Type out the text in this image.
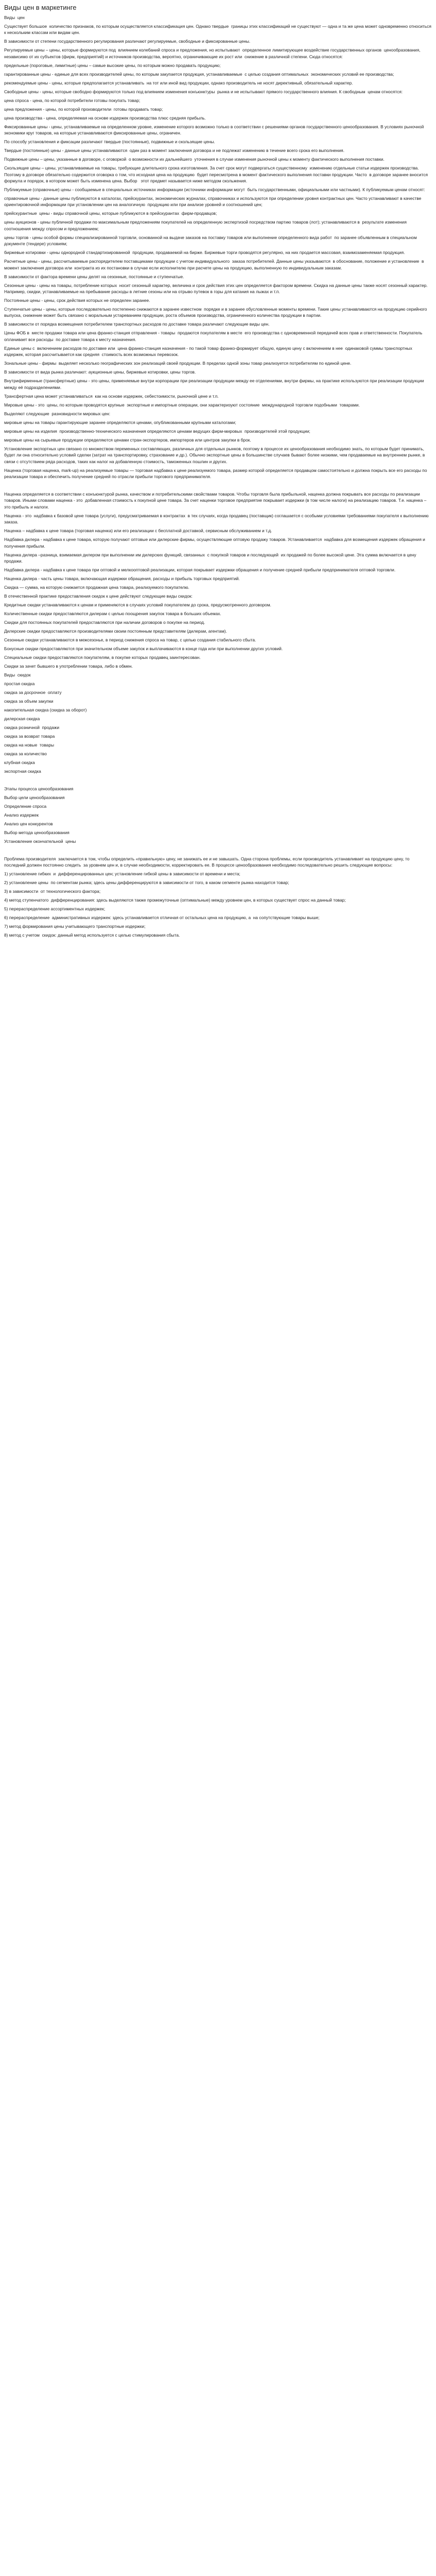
Виды цен в маркетинге

Виды  цен

Существует большое  количество признаков, по которым осуществляется классификация цен. Однако твердые  границы этих классификаций не существуют — одна и та же цена может одновременно относиться к нескольким классам или видам цен.

В зависимости от степени государственного регулирования различают регулируемые, свободные и фиксированные цены.

Регулируемые цены – цены, которые формируются под  влиянием колебаний спроса и предложения, но испытывают  определенное лимитирующее воздействие государственных органов  ценообразования, независимо от их субъектов (фирм, предприятий) и источников производства, вероятно, ограничивающие их рост или  снижение в различной степени. Сюда относятся:

предельные (пороговые, лимитные) цены – самые высокие цены, по которым можно продавать продукцию;

гарантированные цены - единые для всех производителей цены, по которым закупается продукция, устанавливаемые  с целью создания оптимальных  экономических условий ее производства;

рекомендуемые цены - цены, которые предполагается устанавливать  на тот или иной вид продукции, однако производитель не носят директивный, обязательный характер.

Свободные цены - цены, которые свободно формируются только под влиянием изменения конъюнктуры  рынка и не испытывают прямого государственного влияния. К свободным  ценам относятся:

цена спроса - цена, по которой потребители готовы покупать товар;

цена предложения - цены, по которой производители  готовы продавать товар;

цена производства - цена, определяемая на основе издержек производства плюс средняя прибыль.

Фиксированные цены - цены, устанавливаемые на определенном уровне, изменение которого возможно только в соответствии с решениями органов государственного ценообразования. В условиях рыночной экономики круг товаров, на которые устанавливаются фиксированные цены, ограничен.

По способу установления и фиксации различают твердые (постоянные), подвижные и скользящие цены.

Твердые (постоянные) цены - данные цены устанавливаются  один раз в момент заключения договора и не подлежат изменению в течение всего срока его выполнения.

Подвижные цены – цены, указанные в договоре, с оговоркой  о возможности их дальнейшего  уточнения в случае изменения рыночной цены к моменту фактического выполнения поставки.

Скользящие цены – цены, устанавливаемые на товары, требующие длительного срока изготовления. За счет срок могут подвергаться существенному  изменению отдельные статьи издержек производства. Поэтому в договоре обязательно содержится оговорка о том, что исходная цена на продукцию  будет пересмотрена в момент фактического выполнения поставки продукции. Часто  в договоре заранее вносится формула и порядок, в котором может быть изменена цена. Выбор   этот предмет называется ниже методом скольжения.

Публикуемые (справочные) цены - сообщаемые в специальных источниках информации (источники информации могут  быть государственными, официальными или частными). К публикуемым ценам относят:

справочные цены - данные цены публикуются в каталогах, прейскурантах, экономических журналах, справочниках и используются при определении уровня контрактных цен. Часто устанавливают в качестве ориентировочной информации при установлении цен на аналогичную  продукцию или при анализе уровней и соотношений цен;

прейскурантные  цены - виды справочной цены, которые публикуются в прейскурантах  фирм-продавцов;

цены аукционов - цены публичной продажи по максимальным предложениям покупателей на определенную экспертизой посредством партию товаров (лот); устанавливаются в  результате изменения соотношения между спросом и предложением;

цены торгов - цены особой формы специализированной торговли, основанной на выдаче заказов на поставку товаров или выполнение определенного вида работ  по заранее объявленным в специальном  документе (тендере) условиям;

биржевые котировки - цены однородной стандартизированной  продукции, продаваемой на бирже. Биржевые торги проводятся регулярно, на них продается массовая, взаимозаменяемая продукция.

Расчетные цены - цены, рассчитываемые распорядителем поставщиками продукции с учетом индивидуального  заказа потребителей. Данные цены указываются  в обоснование, положение и установление  в момент заключения договора или  контракта из их постановки в случае если исполнителю при расчете цены на продукцию, выполненную по индивидуальным заказам.

В зависимости от фактора времени цены делят на сезонные, постоянные и ступенчатые.

Сезонные цены - цены на товары, потребление которых  носит сезонный характер, величина и срок действия этих цен определяется фактором времени. Скидка на данные цены также носят сезонный характер. Например, скидки, устанавливаемые на пребывание расходы в летние сезоны или на отрыво путевок в горы для катания на лыжах и т.п.

Постоянные цены - цены, срок действия которых не определен заранее.

Ступенчатые цены - цены, которые последовательно постепенно снижаются в заранее известном  порядке и в заранее обусловленные моменты времени. Такие цены устанавливаются на продукцию серийного выпуска, снижение может быть связано с моральным устареванием продукции, роста объемов производства, ограниченного количества продукции в партии.

В зависимости от порядка возмещения потребителем транспортных расходов по доставке товара различают следующие виды цен.

Цены ФОБ в  месте продажи товара или цена франко-станция отправления - товары  продаются покупателям в месте  его производства с одновременной передачей всех прав и ответственности. Покупатель оплачивает все расходы  по доставке товара к месту назначения.

Единые цены с  включением расходов по доставке или  цена франко-станция назначения - по такой товар франко-формирует общую, единую цену с включением в нее  одинаковой суммы транспортных издержек, которая рассчитывается как средняя  стоимость всех возможных перевозок.

Зональные цены - фирмы  выделяет несколько географических зон реализаций своей продукции. В пределах одной зоны товар реализуется потребителям по единой цене.

В зависимости от вида рынка различают: аукционные цены, биржевые котировки, цены торгов.

Внутрифирменные (трансфертные) цены - это цены, применяемые внутри корпорации при реализации продукции между ее отделениями, внутри фирмы, на практике используются при реализации продукции между её подразделениями.

Трансфертная цена может устанавливаться  как на основе издержек, себестоимости, рыночной цене и т.п.

Мировые цены - это  цены, по которым проводятся крупные  экспортные и импортные операции, они характеризуют состояние  международной торговли подобными  товарами.

Выделяют следующие  разновидности мировых цен:

мировые цены на товары гарантирующие заранее определяются ценами, опубликованными крупными каталогами;

мировые цены на изделия  производственно-технического назначения определяются ценами ведущих фирм-мировых  производителей этой продукции;

мировые цены на сырьевые продукции определяются ценами стран-экспортеров, импортеров или центров закупки в брок.

Установление экспортных цен связано со множеством переменных составляющих, различных для отдельных рынков, поэтому в процессе их ценообразования необходимо знать, по которым будет принимать, будет ли она относительно условий сделки (затрат на транспортировку, страхование и др.). Обычно экспортные цены в большинстве случаев бывают более низкими, чем продаваемые на внутреннем рынке, в связи с отсутствием ряда расходов, таких как налог на добавленную стоимость, таможенных пошлин и других.

Наценка (торговая наценка, mark-up) на реализуемые товары — торговая надбавка к цене реализуемого товара, размер которой определяется продавцом самостоятельно и должна покрыть все его расходы по реализации товара и обеспечить получение средней по отрасли прибыли торгового предпринимателя.

Наценка определяется в соответствии с конъюнктурой рынка, качеством и потребительскими свойствами товаров. Чтобы торговля была прибыльной, наценка должна покрывать все расходы по реализации товаров. Иными словами наценка - это  добавленная стоимость к покупной цене товара. За счет наценки торговое предприятие покрывает издержки (в том числе налоги) на реализацию товаров. Т.е. наценка – это прибыль и налоги.

Наценка - это  надбавка к базовой цене товара (услуги), предусматриваемая в контрактах  в тех случаях, когда продавец (поставщик) соглашается с особыми условиями требованиями покупателя к выполнению заказа.

Наценка – надбавка к цене товара (торговая наценка) или его реализации с бесплатной доставкой, сервисным обслуживанием и т.д.

Надбавка дилера - надбавка к цене товара, которую получают оптовые или дилерские фирмы, осуществляющие оптовую продажу товаров. Устанавливается  надбавка для возмещения издержек обращения и получения прибыли.

Наценка дилера –разница, взимаемая дилером при выполнении им дилерских функций, связанных  с покупкой товаров и последующей  их продажей по более высокой цене. Эта сумма включается в цену продажи.

Надбавка дилера - надбавка к цене товара при оптовой и мелкооптовой реализации, которая покрывает издержки обращения и получение средней прибыли предпринимателя оптовой торговли.

Наценка дилера - часть цены товара, включающая издержки обращения, расходы и прибыль торговых предприятий.

Скидка — сумма, на которую снижается продажная цена товара, реализуемого покупателю.

В отечественной практике предоставления скидок к цене действуют следующие виды скидок:

Кредитные скидки устанавливаются к ценам и применяются в случаях условий покупателем до срока, предусмотренного договором.

Количественные скидки предоставляются дилерам с целью поощрения закупок товара в больших объемах.

Скидки для постоянных покупателей предоставляются при наличии договоров о покупке на период.

Дилерские скидки предоставляются производителями своим постоянным представителям (дилерам, агентам).

Сезонные скидки устанавливаются в межсезонье, в период снижения спроса на товар, с целью создания стабильного сбыта.

Бонусные скидки предоставляются при значительном объеме закупок и выплачиваются в конце года или при выполнении других условий.

Специальные скидки предоставляются покупателям, в покупке которых продавец заинтересован.

Скидки за зачет бывшего в употреблении товара, либо в обмен.

Виды  скидок

простая скидка

скидка за досрочное  оплату

скидка за объем закупки

накопительная скидка (скидка за оборот)

дилерская скидка

скидка розничной  продажи

скидка за возврат товара

скидка на новые  товары

скидка за количество

клубная скидка

экспортная скидка

Этапы процесса ценообразования

Выбор цели ценообразования

Определение спроса

Анализ издержек

Анализ цен конкурентов

Выбор метода ценообразования

Установление окончательной  цены

Проблема производителя  заключается в том, чтобы определить «правильную» цену, не занижать ее и не завышать. Одна сторона проблемы, если производитель устанавливает на продукцию цену, то последний должен постоянно следить  за уровнем цен и, в случае необходимости, корректировать ее. В процессе ценообразования необходимо последовательно решить следующие вопросы:

1) установление гибких  и  дифференцированных цен; установление гибкой цены в зависимости от времени и места;

2) установление цены  по сегментам рынка; здесь цены дифференцируются в зависимости от того, в каком сегменте рынка находится товар;

3) в зависимости  от технологического фактора;

4) метод ступенчатого  дифференцирования: здесь выделяются также промежуточные (оптимальные) между уровнем цен, в которых существует спрос на данный товар;

5) перераспределение ассортиментных издержек;

6) перераспределение  административных издержек: здесь устанавливается отличная от остальных цена на продукцию, а  на сопутствующие товары выше;

7) метод формирования цены учитывающего транспортные издержки;

8) метод с учетом  скидок: данный метод используется с целью стимулирования сбыта.
